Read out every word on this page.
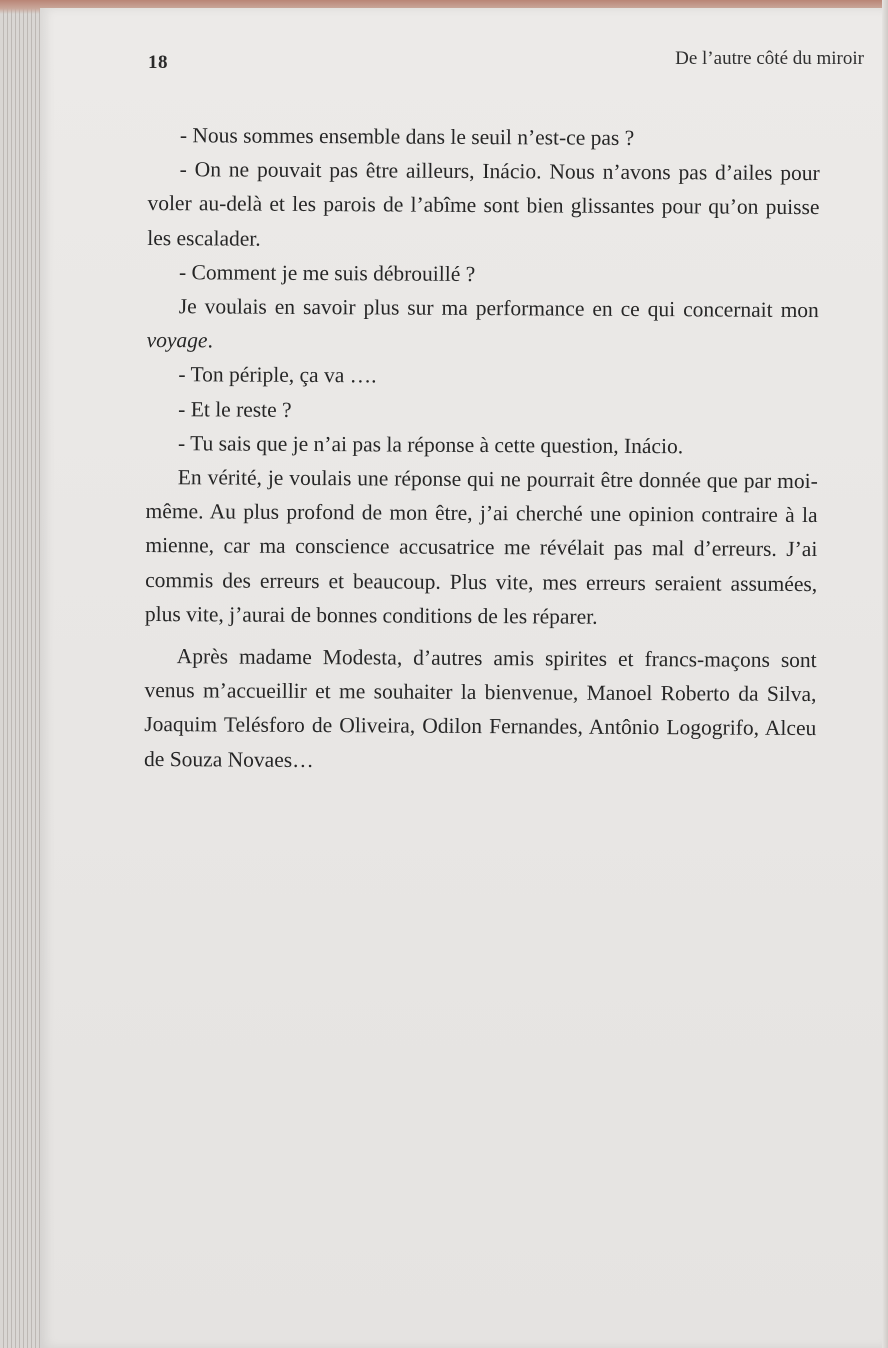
18	De l’autre côté du miroir

- Nous sommes ensemble dans le seuil n’est-ce pas ?

- On ne pouvait pas être ailleurs, Inácio. Nous n’avons pas d’ailes pour voler au-delà et les parois de l’abîme sont bien glissantes pour qu’on puisse les escalader.

- Comment je me suis débrouillé ?

Je voulais en savoir plus sur ma performance en ce qui concernait mon voyage.

- Ton périple, ça va ….

- Et le reste ?

- Tu sais que je n’ai pas la réponse à cette question, Inácio.

En vérité, je voulais une réponse qui ne pourrait être donnée que par moi-même. Au plus profond de mon être, j’ai cherché une opinion contraire à la mienne, car ma conscience accusatrice me révélait pas mal d’erreurs. J’ai commis des erreurs et beaucoup. Plus vite, mes erreurs seraient assumées, plus vite, j’aurai de bonnes conditions de les réparer.

Après madame Modesta, d’autres amis spirites et francs-maçons sont venus m’accueillir et me souhaiter la bienvenue, Manoel Roberto da Silva, Joaquim Telésforo de Oliveira, Odilon Fernandes, Antônio Logogrifo, Alceu de Souza Novaes…
